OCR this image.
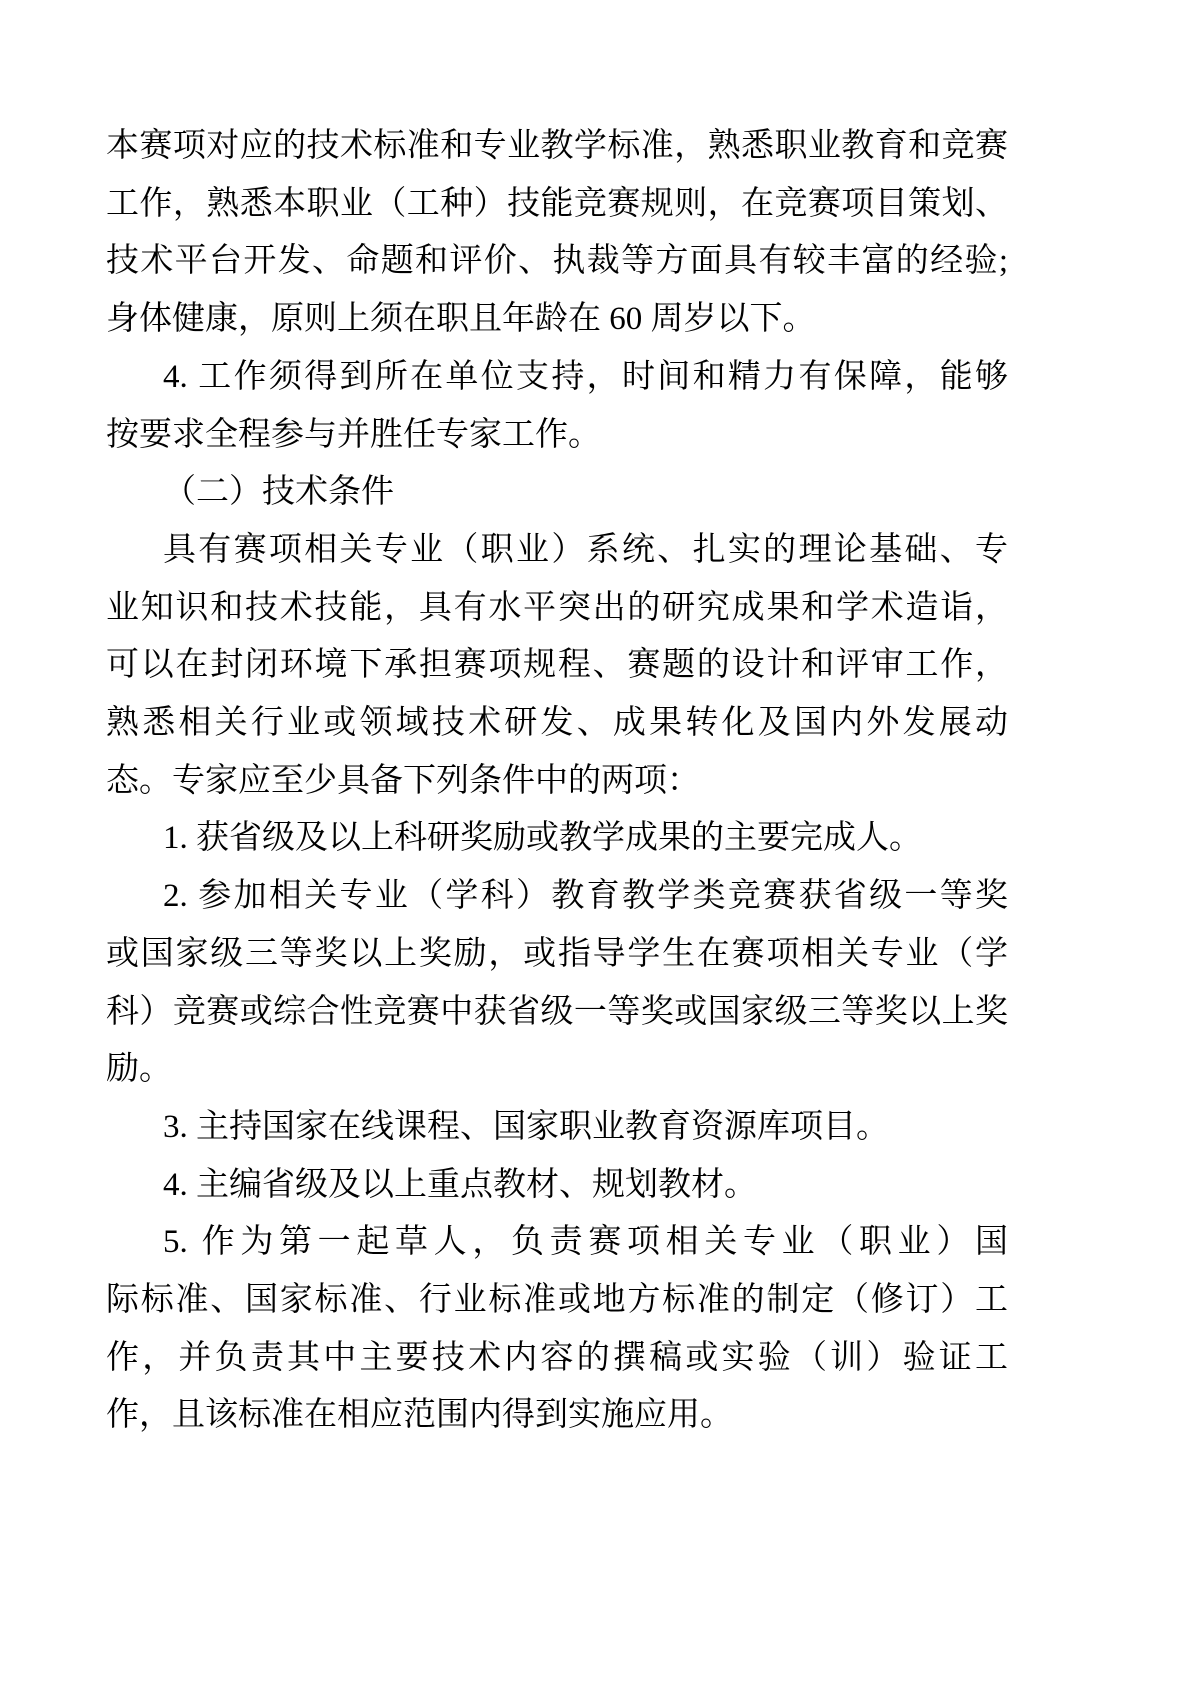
本赛项对应的技术标准和专业教学标准，熟悉职业教育和竞赛
工作，熟悉本职业（工种）技能竞赛规则，在竞赛项目策划、
技术平台开发、命题和评价、执裁等方面具有较丰富的经验;
身体健康，原则上须在职且年龄在 60 周岁以下。
4. 工作须得到所在单位支持，时间和精力有保障，能够
按要求全程参与并胜任专家工作。
（二）技术条件
具有赛项相关专业（职业）系统、扎实的理论基础、专
业知识和技术技能，具有水平突出的研究成果和学术造诣，
可以在封闭环境下承担赛项规程、赛题的设计和评审工作，
熟悉相关行业或领域技术研发、成果转化及国内外发展动
态。专家应至少具备下列条件中的两项：
1. 获省级及以上科研奖励或教学成果的主要完成人。
2. 参加相关专业（学科）教育教学类竞赛获省级一等奖
或国家级三等奖以上奖励，或指导学生在赛项相关专业（学
科）竞赛或综合性竞赛中获省级一等奖或国家级三等奖以上奖
励。
3. 主持国家在线课程、国家职业教育资源库项目。
4. 主编省级及以上重点教材、规划教材。
5. 作为第一起草人，负责赛项相关专业（职业）国
际标准、国家标准、行业标准或地方标准的制定（修订）工
作，并负责其中主要技术内容的撰稿或实验（训）验证工
作，且该标准在相应范围内得到实施应用。
